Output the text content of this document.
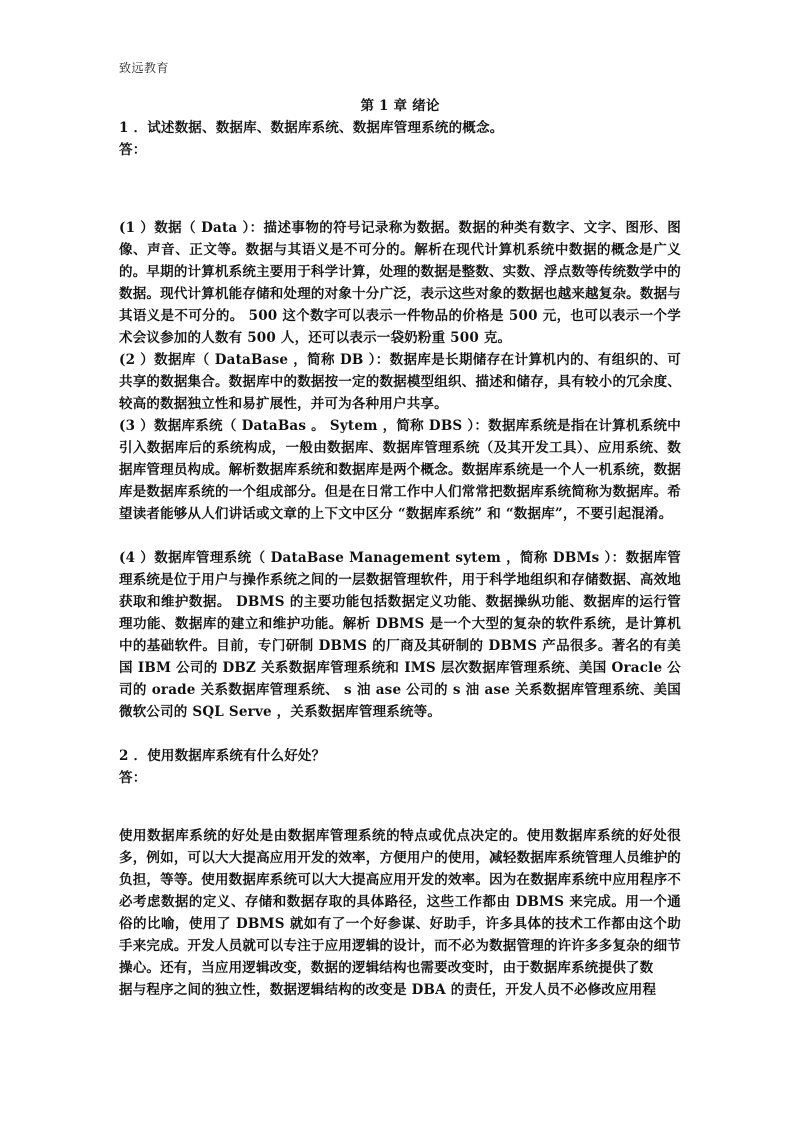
致远教育
第 1 章 绪论

1 ．试述数据、数据库、数据库系统、数据库管理系统的概念。

答：

(1 ）数据（ Data ）：描述事物的符号记录称为数据。数据的种类有数字、文字、图形、图像、声音、正文等。数据与其语义是不可分的。解析在现代计算机系统中数据的概念是广义的。早期的计算机系统主要用于科学计算，处理的数据是整数、实数、浮点数等传统数学中的数据。现代计算机能存储和处理的对象十分广泛，表示这些对象的数据也越来越复杂。数据与其语义是不可分的。 500 这个数字可以表示一件物品的价格是 500 元，也可以表示一个学术会议参加的人数有 500 人，还可以表示一袋奶粉重 500 克。

(2 ）数据库（ DataBase ，简称 DB ）：数据库是长期储存在计算机内的、有组织的、可共享的数据集合。数据库中的数据按一定的数据模型组织、描述和储存，具有较小的冗余度、较高的数据独立性和易扩展性，并可为各种用户共享。

(3 ）数据库系统（ DataBas 。 Sytem ，简称 DBS ）：数据库系统是指在计算机系统中引入数据库后的系统构成，一般由数据库、数据库管理系统（及其开发工具）、应用系统、数据库管理员构成。解析数据库系统和数据库是两个概念。数据库系统是一个人一机系统，数据库是数据库系统的一个组成部分。但是在日常工作中人们常常把数据库系统简称为数据库。希望读者能够从人们讲话或文章的上下文中区分 “数据库系统” 和 “数据库”，不要引起混淆。

(4 ）数据库管理系统（ DataBase Management sytem ，简称 DBMs ）：数据库管理系统是位于用户与操作系统之间的一层数据管理软件，用于科学地组织和存储数据、高效地获取和维护数据。 DBMS 的主要功能包括数据定义功能、数据操纵功能、数据库的运行管理功能、数据库的建立和维护功能。解析 DBMS 是一个大型的复杂的软件系统，是计算机中的基础软件。目前，专门研制 DBMS 的厂商及其研制的 DBMS 产品很多。著名的有美国 IBM 公司的 DBZ 关系数据库管理系统和 IMS 层次数据库管理系统、美国 Oracle 公司的 orade 关系数据库管理系统、 s 油 ase 公司的 s 油 ase 关系数据库管理系统、美国微软公司的 SQL Serve ，关系数据库管理系统等。

2 ．使用数据库系统有什么好处？

答：

使用数据库系统的好处是由数据库管理系统的特点或优点决定的。使用数据库系统的好处很多，例如，可以大大提高应用开发的效率，方便用户的使用，减轻数据库系统管理人员维护的负担，等等。使用数据库系统可以大大提高应用开发的效率。因为在数据库系统中应用程序不必考虑数据的定义、存储和数据存取的具体路径，这些工作都由 DBMS 来完成。用一个通俗的比喻，使用了 DBMS 就如有了一个好参谋、好助手，许多具体的技术工作都由这个助手来完成。开发人员就可以专注于应用逻辑的设计，而不必为数据管理的许许多多复杂的细节操心。还有，当应用逻辑改变，数据的逻辑结构也需要改变时，由于数据库系统提供了数

据与程序之间的独立性，数据逻辑结构的改变是 DBA 的责任，开发人员不必修改应用程
